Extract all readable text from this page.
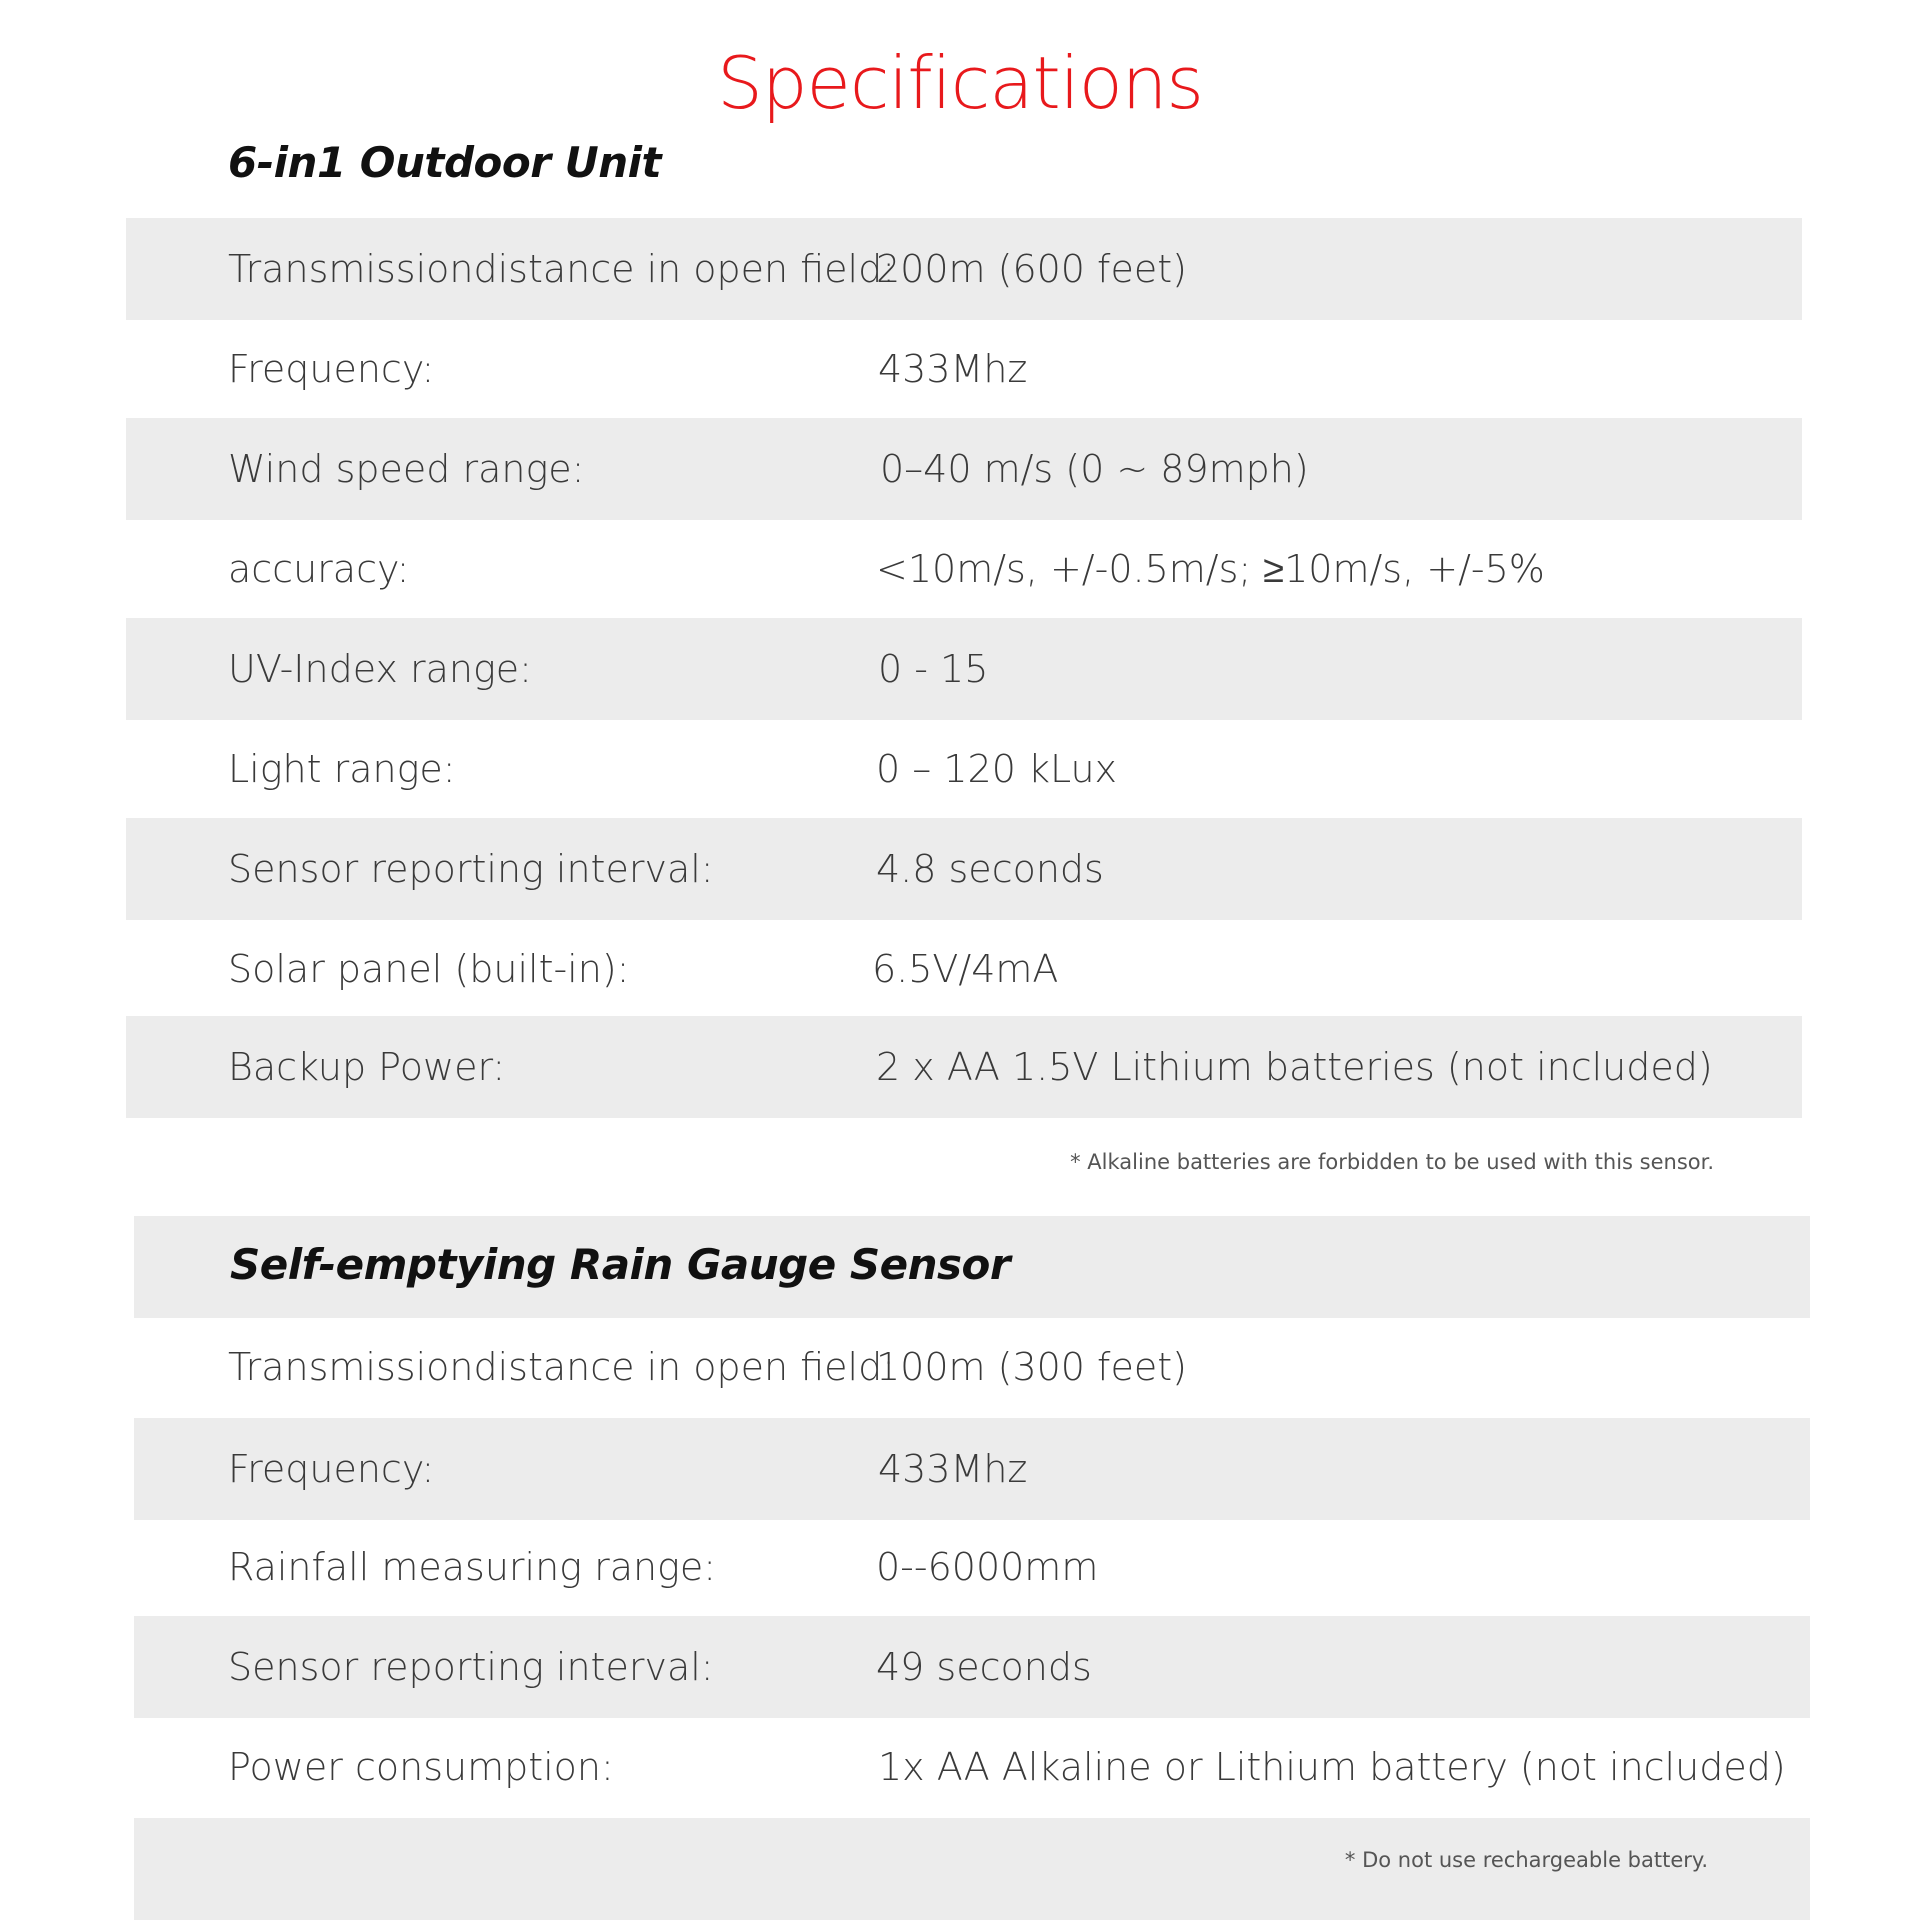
Specifications
6-in1 Outdoor Unit
Transmissiondistance in open field:
200m (600 feet)
Frequency:	433Mhz
Wind speed range:	0–40 m/s (0 ~ 89mph)
accuracy:	<10m/s, +/-0.5m/s; ≥10m/s, +/-5%
UV-Index range:	0 - 15
Light range:	0 – 120 kLux
Sensor reporting interval:	4.8 seconds
Solar panel (built-in):	6.5V/4mA
Backup Power:	2 x AA 1.5V Lithium batteries (not included)
* Alkaline batteries are forbidden to be used with this sensor.
Self-emptying Rain Gauge Sensor
Transmissiondistance in open field:
100m (300 feet)
Frequency:	433Mhz
Rainfall measuring range:	0--6000mm
Sensor reporting interval:	49 seconds
Power consumption:	1x AA Alkaline or Lithium battery (not included)
* Do not use rechargeable battery.
